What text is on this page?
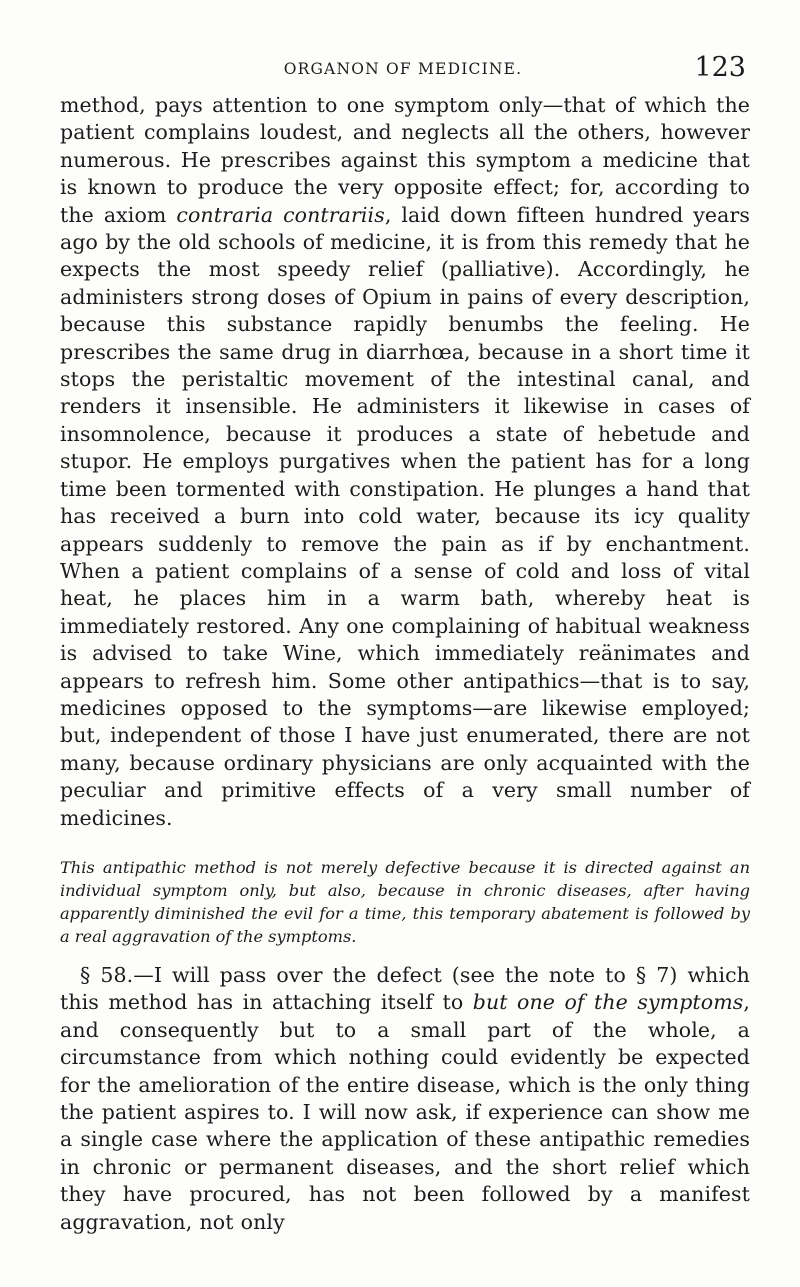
ORGANON OF MEDICINE.	123

method, pays attention to one symptom only—that of which the patient complains loudest, and neglects all the others, however numerous. He prescribes against this symptom a medicine that is known to produce the very opposite effect; for, according to the axiom contraria contrariis, laid down fifteen hundred years ago by the old schools of medicine, it is from this remedy that he expects the most speedy relief (palliative). Accordingly, he administers strong doses of Opium in pains of every description, because this substance rapidly benumbs the feeling. He prescribes the same drug in diarrhœa, because in a short time it stops the peristaltic movement of the intestinal canal, and renders it insensible. He administers it likewise in cases of insomnolence, because it produces a state of hebetude and stupor. He employs purgatives when the patient has for a long time been tormented with constipation. He plunges a hand that has received a burn into cold water, because its icy quality appears suddenly to remove the pain as if by enchantment. When a patient complains of a sense of cold and loss of vital heat, he places him in a warm bath, whereby heat is immediately restored. Any one complaining of habitual weakness is advised to take Wine, which immediately reänimates and appears to refresh him. Some other antipathics—that is to say, medicines opposed to the symptoms—are likewise employed; but, independent of those I have just enumerated, there are not many, because ordinary physicians are only acquainted with the peculiar and primitive effects of a very small number of medicines.

This antipathic method is not merely defective because it is directed against an individual symptom only, but also, because in chronic diseases, after having apparently diminished the evil for a time, this temporary abatement is followed by a real aggravation of the symptoms.

§ 58.—I will pass over the defect (see the note to § 7) which this method has in attaching itself to but one of the symptoms, and consequently but to a small part of the whole, a circumstance from which nothing could evidently be expected for the amelioration of the entire disease, which is the only thing the patient aspires to. I will now ask, if experience can show me a single case where the application of these antipathic remedies in chronic or permanent diseases, and the short relief which they have procured, has not been followed by a manifest aggravation, not only
